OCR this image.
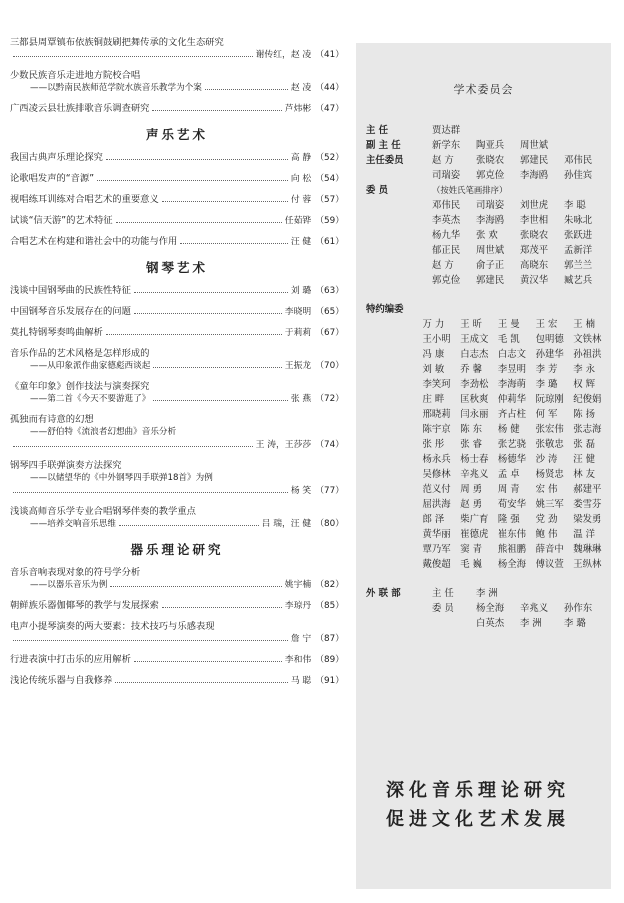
三都县周覃镇布依族铜鼓刷把舞传承的文化生态研究
谢传红，赵 凌 （41）
少数民族音乐走进地方院校合唱
——以黔南民族师范学院水族音乐教学为个案	赵 凌 （44）
广西凌云县壮族排歌音乐调查研究	芦炜彬 （47）
声乐艺术
我国古典声乐理论探究	高 静 （52）
论歌唱发声的“音源”	向 松 （54）
视唱练耳训练对合唱艺术的重要意义	付 蓉 （57）
试谈“信天游”的艺术特征	任茹铧 （59）
合唱艺术在构建和谐社会中的功能与作用	汪 健 （61）
钢琴艺术
浅谈中国钢琴曲的民族性特征	刘 璐 （63）
中国钢琴音乐发展存在的问题	李晓明 （65）
莫扎特钢琴奏鸣曲解析	于莉莉 （67）
音乐作品的艺术风格是怎样形成的
——从印象派作曲家德彪西谈起	王振龙 （70）
《童年印象》创作技法与演奏探究
——第二首《今天不要游逛了》	张 燕 （72）
孤独而有诗意的幻想
——舒伯特《流浪者幻想曲》音乐分析
王 涛，王莎莎 （74）
钢琴四手联弹演奏方法探究
——以储望华的《中外钢琴四手联弹18首》为例
杨 笑 （77）
浅谈高师音乐学专业合唱钢琴伴奏的教学重点
——培养交响音乐思维	吕 瑞，汪 健 （80）
器乐理论研究
音乐音响表现对象的符号学分析
——以器乐音乐为例	姚宇楠 （82）
朝鲜族乐器伽倻琴的教学与发展探索	李琼丹 （85）
电声小提琴演奏的两大要素：技术技巧与乐感表现
詹 宁 （87）
行进表演中打击乐的应用解析	李和伟 （89）
浅论传统乐器与自我修养	马 聪 （91）
学术委员会
主 任	贾达群
副 主 任	新学东	陶亚兵	周世斌
主任委员	赵 方	张晓农	郭建民	邓伟民
司瑞姿	郭克俭	李海鸥	孙佳宾
委 员	（按姓氏笔画排序）
邓伟民	司瑞姿	刘世虎	李 聪
李英杰	李海鸥	李世相	朱咏北
杨九华	张 欢	张晓农	张跃进
郁正民	周世斌	郑茂平	孟新洋
赵 方	俞子正	高晓东	郭兰兰
郭克俭	郭建民	黄汉华	臧艺兵
特约编委
万 力	王 昕	王 曼	王 宏	王 楠
王小明	王成文	毛 凯	包明德	文铁林
冯 康	白志杰	白志文	孙建华	孙祖洪
刘 敏	乔 馨	李昱明	李 芳	李 永
李笑珂	李劲松	李海萌	李 璐	权 辉
庄 畔	匡秋爽	仲莉华	阮琼刚	纪俊娟
邢晓莉	闫永丽	齐占柱	何 军	陈 扬
陈宇京	陈 东	杨 健	张宏伟	张志海
张 彤	张 睿	张艺骁	张敬忠	张 磊
杨永兵	杨士春	杨德华	沙 涛	汪 健
吴修林	辛兆义	孟 卓	杨贤忠	林 友
范义付	周 勇	周 青	宏 伟	郝建平
屈洪海	赵 勇	荀安华	姚三军	娄雪芬
郎 泽	柴广育	隆 强	党 劲	梁发勇
黄华丽	崔德虎	崔东伟	鲍 伟	温 洋
覃乃军	窦 青	熊祖鹏	薛音中	魏琳琳
戴俊超	毛 巍	杨全海	傅议萱	王纵林
外 联 部	主 任	李 洲
委 员	杨全海	辛兆义	孙作东
白英杰	李 洲	李 璐
深化音乐理论研究
促进文化艺术发展
